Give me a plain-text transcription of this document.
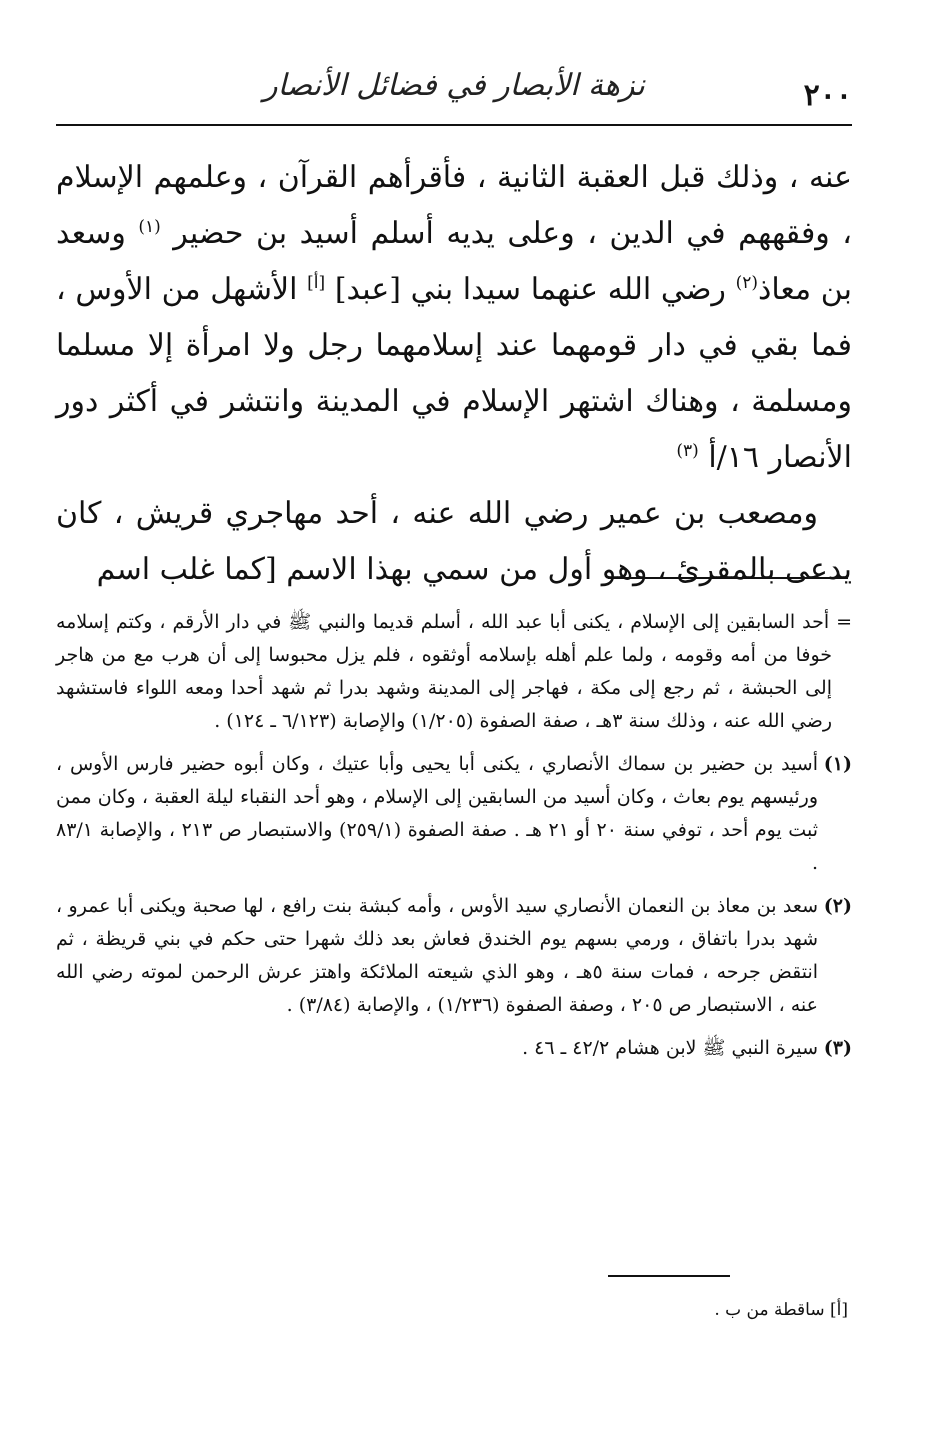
٢٠٠
نزهة الأبصار في فضائل الأنصار

عنه ، وذلك قبل العقبة الثانية ، فأقرأهم القرآن ، وعلمهم الإسلام ، وفقههم في الدين ، وعلى يديه أسلم أسيد بن حضير $^{(١)}$ وسعد بن معاذ$^{(٢)}$ رضي الله عنهما سيدا بني [عبد] [أ] الأشهل من الأوس ، فما بقي في دار قومهما عند إسلامهما رجل ولا امرأة إلا مسلما ومسلمة ، وهناك اشتهر الإسلام في المدينة وانتشر في أكثر دور الأنصار ١٦/أ $^{(٣)}$

ومصعب بن عمير رضي الله عنه ، أحد مهاجري قريش ، كان يدعى بالمقرئ ، وهو أول من سمي بهذا الاسم [كما غلب اسم

= أحد السابقين إلى الإسلام ، يكنى أبا عبد الله ، أسلم قديما والنبي ﷺ في دار الأرقم ، وكتم إسلامه خوفا من أمه وقومه ، ولما علم أهله بإسلامه أوثقوه ، فلم يزل محبوسا إلى أن هرب مع من هاجر إلى الحبشة ، ثم رجع إلى مكة ، فهاجر إلى المدينة وشهد بدرا ثم شهد أحدا ومعه اللواء فاستشهد رضي الله عنه ، وذلك سنة ٣هـ ، صفة الصفوة (١/٢٠٥) والإصابة (٦/١٢٣ ـ ١٢٤) .

(١)
أسيد بن حضير بن سماك الأنصاري ، يكنى أبا يحيى وأبا عتيك ، وكان أبوه حضير فارس الأوس ، ورئيسهم يوم بعاث ، وكان أسيد من السابقين إلى الإسلام ، وهو أحد النقباء ليلة العقبة ، وكان ممن ثبت يوم أحد ، توفي سنة ٢٠ أو ٢١ هـ . صفة الصفوة (٢٥٩/١) والاستبصار ص ٢١٣ ، والإصابة ٨٣/١ .
(٢)
سعد بن معاذ بن النعمان الأنصاري سيد الأوس ، وأمه كبشة بنت رافع ، لها صحبة ويكنى أبا عمرو ، شهد بدرا باتفاق ، ورمي بسهم يوم الخندق فعاش بعد ذلك شهرا حتى حكم في بني قريظة ، ثم انتقض جرحه ، فمات سنة ٥هـ ، وهو الذي شيعته الملائكة واهتز عرش الرحمن لموته رضي الله عنه ، الاستبصار ص ٢٠٥ ، وصفة الصفوة (١/٢٣٦) ، والإصابة (٣/٨٤) .
(٣)
سيرة النبي ﷺ لابن هشام ٤٢/٢ ـ ٤٦ .
[أ] ساقطة من ب .
